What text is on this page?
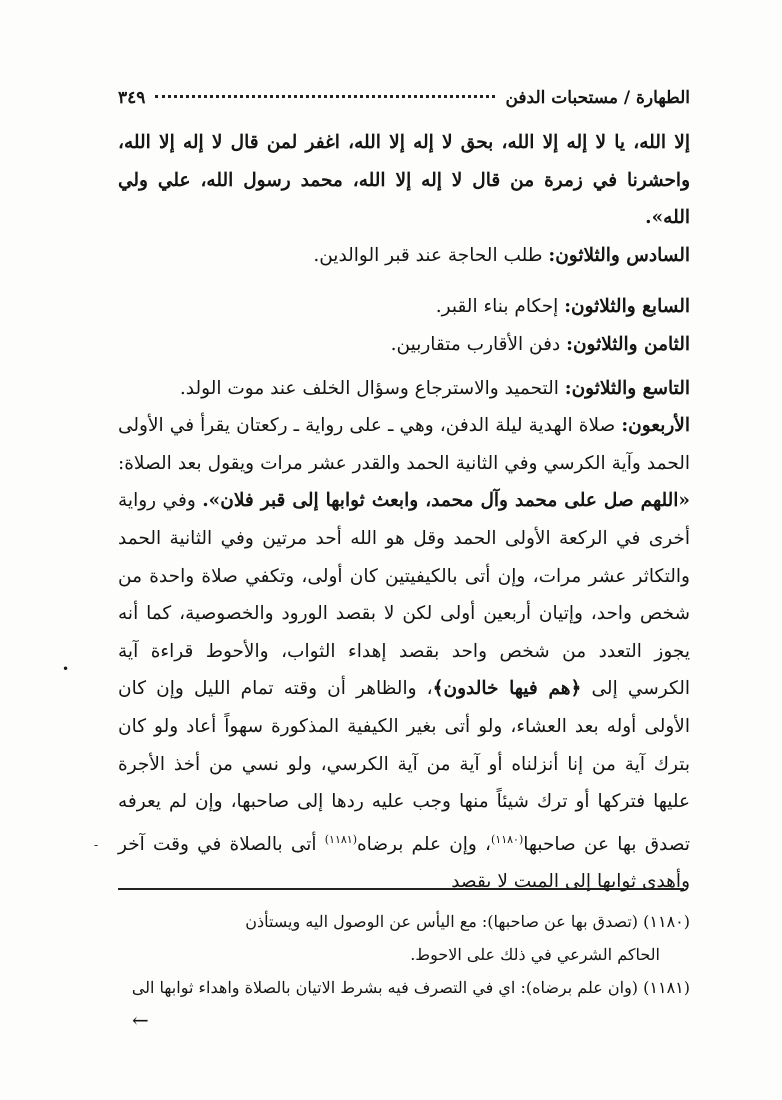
الطهارة / مستحبات الدفن
٣٤٩

إلا الله، يا لا إله إلا الله، بحق لا إله إلا الله، اغفر لمن قال لا إله إلا الله، واحشرنا في زمرة من قال لا إله إلا الله، محمد رسول الله، علي ولي الله».

السادس والثلاثون: طلب الحاجة عند قبر الوالدين.

السابع والثلاثون: إحكام بناء القبر.

الثامن والثلاثون: دفن الأقارب متقاربين.

التاسع والثلاثون: التحميد والاسترجاع وسؤال الخلف عند موت الولد.

الأربعون: صلاة الهدية ليلة الدفن، وهي ـ على رواية ـ ركعتان يقرأ في الأولى الحمد وآية الكرسي وفي الثانية الحمد والقدر عشر مرات ويقول بعد الصلاة: «اللهم صل على محمد وآل محمد، وابعث ثوابها إلى قبر فلان». وفي رواية أخرى في الركعة الأولى الحمد وقل هو الله أحد مرتين وفي الثانية الحمد والتكاثر عشر مرات، وإن أتى بالكيفيتين كان أولى، وتكفي صلاة واحدة من شخص واحد، وإتيان أربعين أولى لكن لا بقصد الورود والخصوصية، كما أنه يجوز التعدد من شخص واحد بقصد إهداء الثواب، والأحوط قراءة آية الكرسي إلى ﴿هم فيها خالدون﴾، والظاهر أن وقته تمام الليل وإن كان الأولى أوله بعد العشاء، ولو أتى بغير الكيفية المذكورة سهواً أعاد ولو كان بترك آية من إنا أنزلناه أو آية من آية الكرسي، ولو نسي من أخذ الأجرة عليها فتركها أو ترك شيئاً منها وجب عليه ردها إلى صاحبها، وإن لم يعرفه تصدق بها عن صاحبها$^{(١١٨٠)}$، وإن علم برضاه$^{(١١٨١)}$ أتى بالصلاة في وقت آخر وأهدى ثوابها إلى الميت لا بقصد

•
-

(١١٨٠) (تصدق بها عن صاحبها): مع اليأس عن الوصول اليه ويستأذن

الحاكم الشرعي في ذلك على الاحوط.

(١١٨١) (وان علم برضاه): اي في التصرف فيه بشرط الاتيان بالصلاة واهداء ثوابها الى

←
